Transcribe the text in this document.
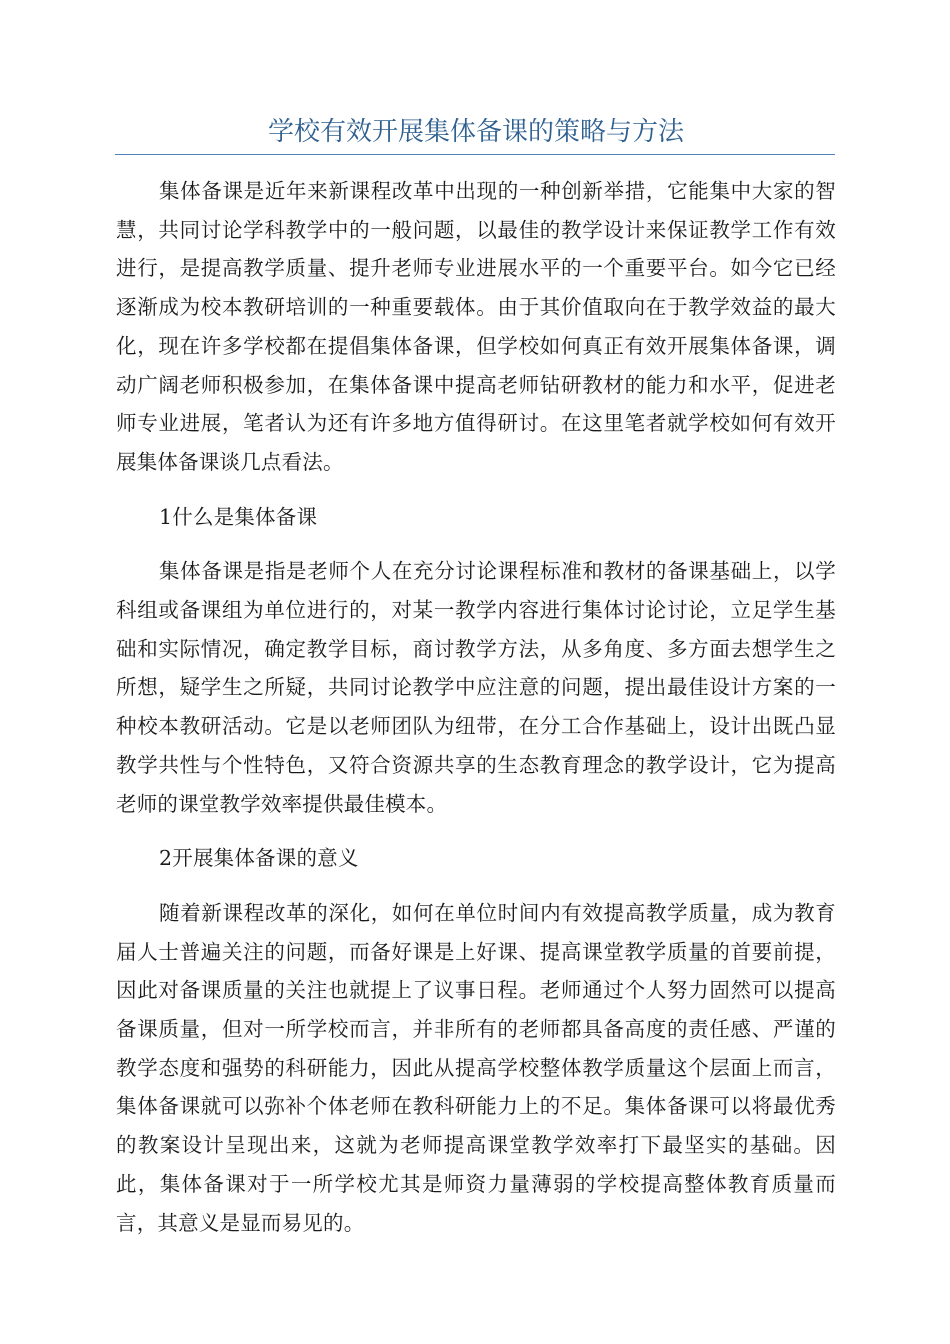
学校有效开展集体备课的策略与方法

集体备课是近年来新课程改革中出现的一种创新举措，它能集中大家的智慧，共同讨论学科教学中的一般问题，以最佳的教学设计来保证教学工作有效进行，是提高教学质量、提升老师专业进展水平的一个重要平台。如今它已经逐渐成为校本教研培训的一种重要载体。由于其价值取向在于教学效益的最大化，现在许多学校都在提倡集体备课，但学校如何真正有效开展集体备课，调动广阔老师积极参加，在集体备课中提高老师钻研教材的能力和水平，促进老师专业进展，笔者认为还有许多地方值得研讨。在这里笔者就学校如何有效开展集体备课谈几点看法。

1什么是集体备课

集体备课是指是老师个人在充分讨论课程标准和教材的备课基础上，以学科组或备课组为单位进行的，对某一教学内容进行集体讨论讨论，立足学生基础和实际情况，确定教学目标，商讨教学方法，从多角度、多方面去想学生之所想，疑学生之所疑，共同讨论教学中应注意的问题，提出最佳设计方案的一种校本教研活动。它是以老师团队为纽带，在分工合作基础上，设计出既凸显教学共性与个性特色，又符合资源共享的生态教育理念的教学设计，它为提高老师的课堂教学效率提供最佳模本。

2开展集体备课的意义

随着新课程改革的深化，如何在单位时间内有效提高教学质量，成为教育届人士普遍关注的问题，而备好课是上好课、提高课堂教学质量的首要前提，因此对备课质量的关注也就提上了议事日程。老师通过个人努力固然可以提高备课质量，但对一所学校而言，并非所有的老师都具备高度的责任感、严谨的教学态度和强势的科研能力，因此从提高学校整体教学质量这个层面上而言，集体备课就可以弥补个体老师在教科研能力上的不足。集体备课可以将最优秀的教案设计呈现出来，这就为老师提高课堂教学效率打下最坚实的基础。因此，集体备课对于一所学校尤其是师资力量薄弱的学校提高整体教育质量而言，其意义是显而易见的。
